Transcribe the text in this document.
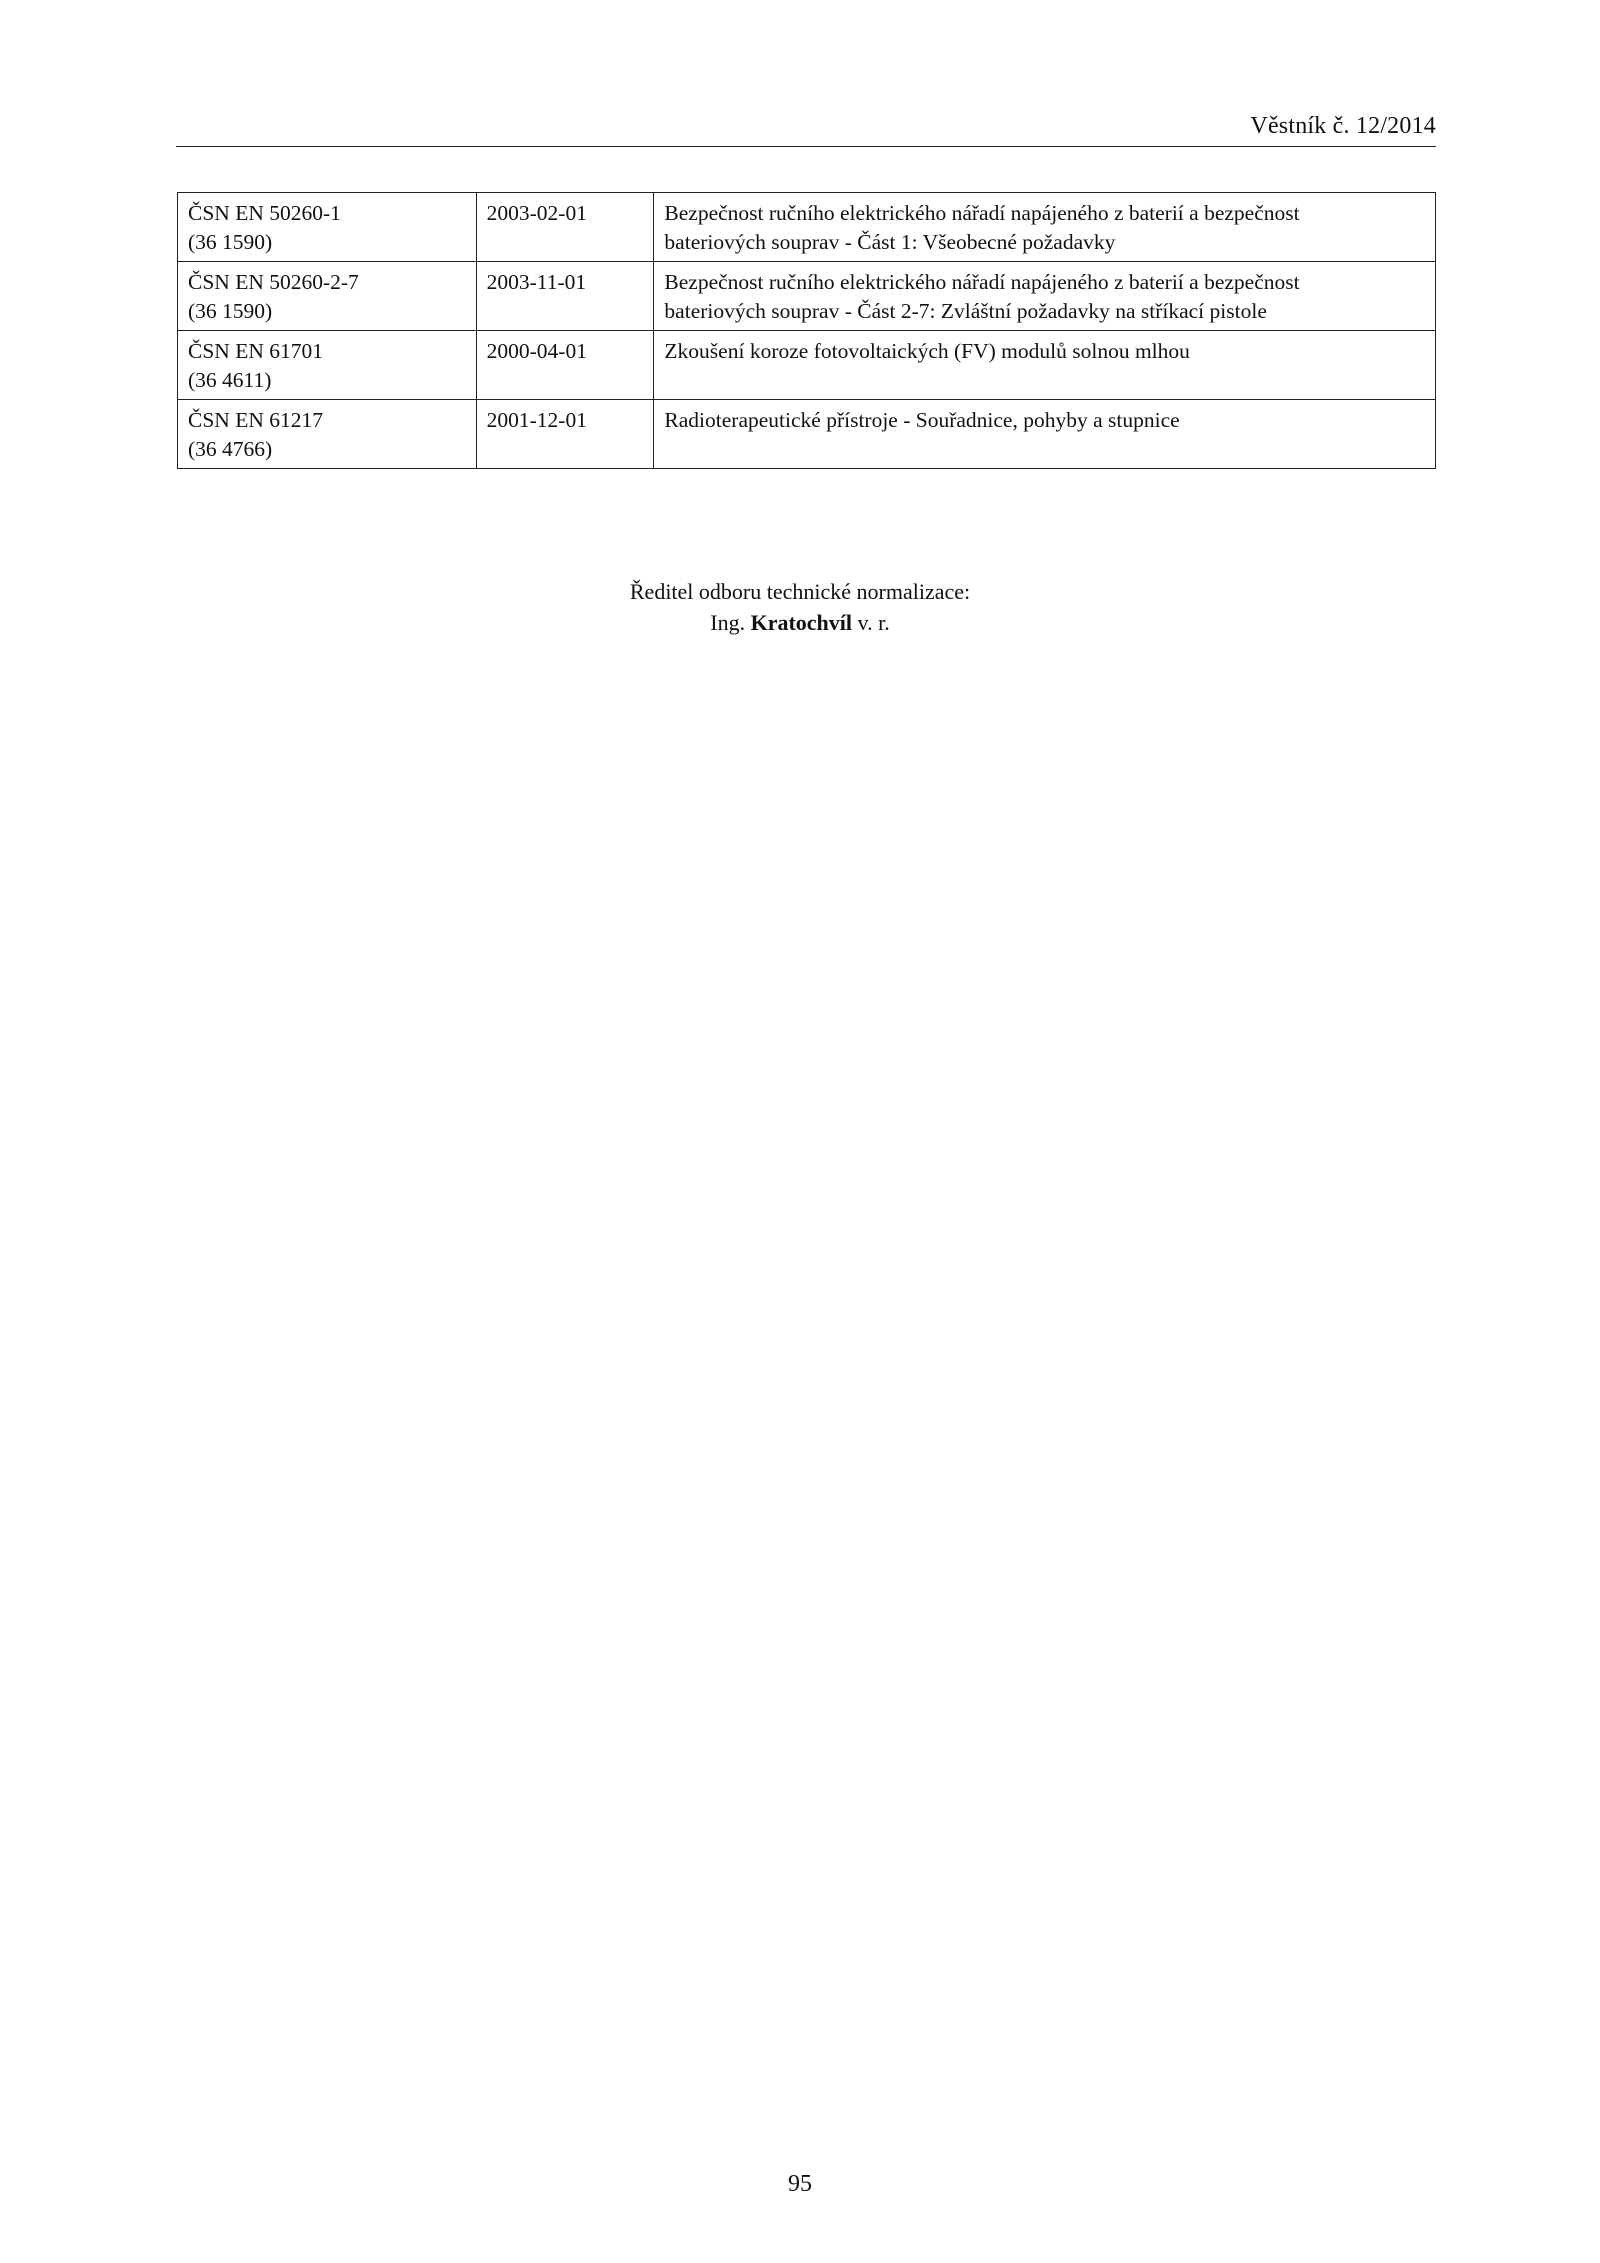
Věstník č. 12/2014
ČSN EN 50260-1
(36 1590)	2003-02-01	Bezpečnost ručního elektrického nářadí napájeného z baterií a bezpečnost
bateriových souprav - Část 1: Všeobecné požadavky

ČSN EN 50260-2-7
(36 1590)	2003-11-01	Bezpečnost ručního elektrického nářadí napájeného z baterií a bezpečnost
bateriových souprav - Část 2-7: Zvláštní požadavky na stříkací pistole

ČSN EN 61701
(36 4611)	2000-04-01	Zkoušení koroze fotovoltaických (FV) modulů solnou mlhou

ČSN EN 61217
(36 4766)	2001-12-01	Radioterapeutické přístroje - Souřadnice, pohyby a stupnice
Ředitel odboru technické normalizace:
Ing. Kratochvíl v. r.
95
